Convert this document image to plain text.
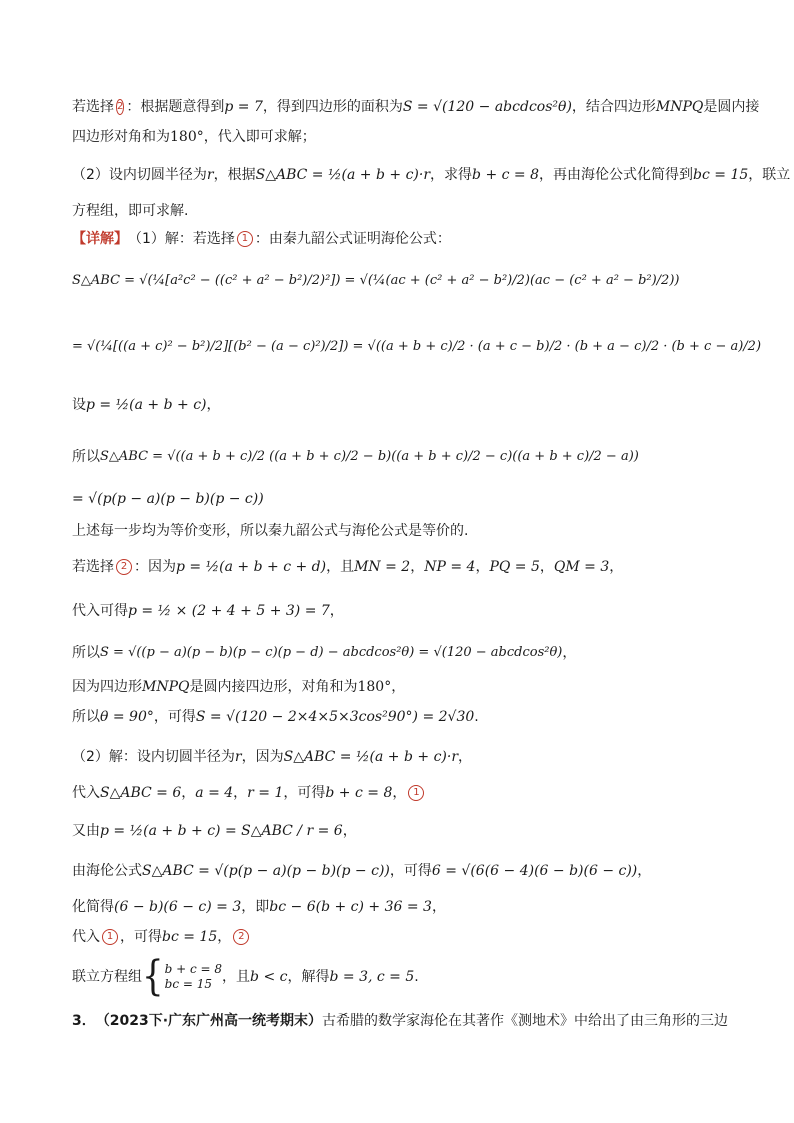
若选择 2 ：根据题意得到 p = 7 ，得到四边形的面积为 S = √(120 − abcdcos²θ) ，结合四边形 MNPQ 是圆内接
四边形对角和为 180° ，代入即可求解；
（2）设内切圆半径为 r ，根据 S△ABC = ½(a + b + c)·r ，求得 b + c = 8 ，再由海伦公式化简得到 bc = 15 ，联立
方程组，即可求解.
【详解】 （1）解：若选择 1 ：由秦九韶公式证明海伦公式：
S△ABC = √(¼[a²c² − ((c² + a² − b²)/2)²]) = √(¼(ac + (c² + a² − b²)/2)(ac − (c² + a² − b²)/2))
= √(¼[((a + c)² − b²)/2][(b² − (a − c)²)/2]) = √((a + b + c)/2 · (a + c − b)/2 · (b + a − c)/2 · (b + c − a)/2)
设 p = ½(a + b + c) ，
所以 S△ABC = √((a + b + c)/2 ((a + b + c)/2 − b)((a + b + c)/2 − c)((a + b + c)/2 − a))
= √(p(p − a)(p − b)(p − c))
上述每一步均为等价变形，所以秦九韶公式与海伦公式是等价的.
若选择 2 ：因为 p = ½(a + b + c + d) ，且 MN = 2 ， NP = 4 ， PQ = 5 ， QM = 3 ，
代入可得 p = ½ × (2 + 4 + 5 + 3) = 7 ，
所以 S = √((p − a)(p − b)(p − c)(p − d) − abcdcos²θ) = √(120 − abcdcos²θ) ，
因为四边形 MNPQ 是圆内接四边形，对角和为 180° ，
所以 θ = 90° ，可得 S = √(120 − 2×4×5×3cos²90°) = 2√30 .
（2）解：设内切圆半径为 r ，因为 S△ABC = ½(a + b + c)·r ，
代入 S△ABC = 6 ， a = 4 ， r = 1 ，可得 b + c = 8 ， 1
又由 p = ½(a + b + c) = S△ABC / r = 6 ，
由海伦公式 S△ABC = √(p(p − a)(p − b)(p − c)) ，可得 6 = √(6(6 − 4)(6 − b)(6 − c)) ，
化简得 (6 − b)(6 − c) = 3 ，即 bc − 6(b + c) + 36 = 3 ，
代入 1 ，可得 bc = 15 ， 2
联立方程组 { b + c = 8
bc = 15 ，且 b < c ，解得 b = 3, c = 5 .
3． （2023下·广东广州高一统考期末） 古希腊的数学家海伦在其著作《测地术》中给出了由三角形的三边
